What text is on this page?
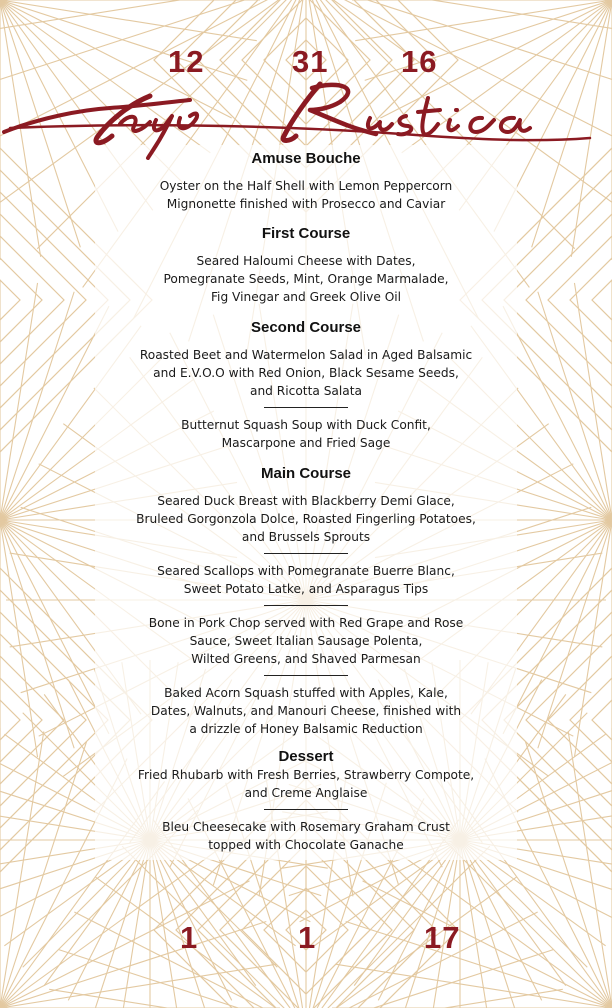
12	31 16

Amuse Bouche

Oyster on the Half Shell with Lemon Peppercorn

Mignonette finished with Prosecco and Caviar

First Course

Seared Haloumi Cheese with Dates,

Pomegranate Seeds, Mint, Orange Marmalade,

Fig Vinegar and Greek Olive Oil

Second Course

Roasted Beet and Watermelon Salad in Aged Balsamic

and E.V.O.O with Red Onion, Black Sesame Seeds,

and Ricotta Salata

Butternut Squash Soup with Duck Confit,

Mascarpone and Fried Sage

Main Course

Seared Duck Breast with Blackberry Demi Glace,

Bruleed Gorgonzola Dolce, Roasted Fingerling Potatoes,

and Brussels Sprouts

Seared Scallops with Pomegranate Buerre Blanc,

Sweet Potato Latke, and Asparagus Tips

Bone in Pork Chop served with Red Grape and Rose

Sauce, Sweet Italian Sausage Polenta,

Wilted Greens, and Shaved Parmesan

Baked Acorn Squash stuffed with Apples, Kale,

Dates, Walnuts, and Manouri Cheese, finished with

a drizzle of Honey Balsamic Reduction

Dessert

Fried Rhubarb with Fresh Berries, Strawberry Compote,

and Creme Anglaise

Bleu Cheesecake with Rosemary Graham Crust

topped with Chocolate Ganache

1	1	17
